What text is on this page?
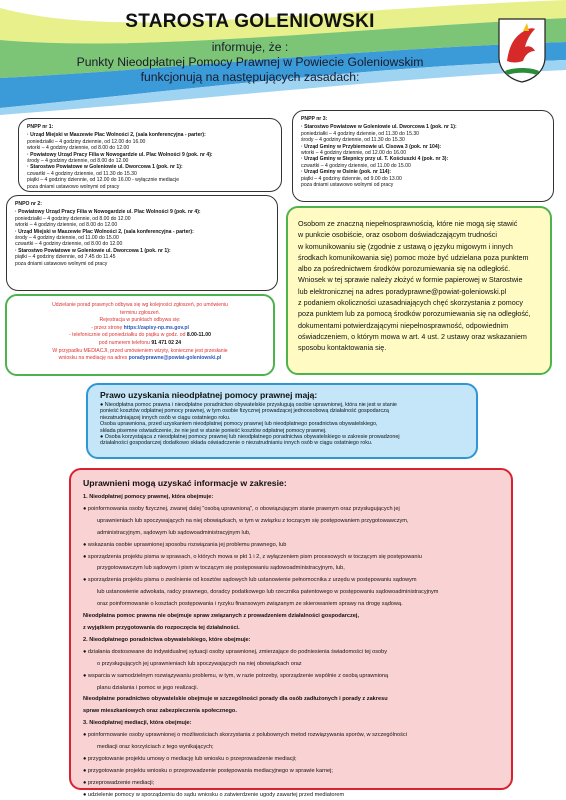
STAROSTA GOLENIOWSKI
informuje, że :
Punkty Nieodpłatnej Pomocy Prawnej w Powiecie Goleniowskim
funkcjonują na następujących zasadach:
PNPP nr 1:
· Urząd Miejski w Maszewie Plac Wolności 2, (sala konferencyjna - parter):
poniedziałki – 4 godziny dziennie, od 12.00 do 16.00
wtorki – 4 godziny dziennie, od 8.00 do 12.00
· Powiatowy Urząd Pracy Filia w Nowogardzie ul. Plac Wolności 9 (pok. nr 4):
środy – 4 godziny dziennie, od 8.00 do 12.00
· Starostwo Powiatowe w Goleniowie ul. Dworcowa 1 (pok. nr 1):
czwartki – 4 godziny dziennie, od 11.30 do 15.30
piątki – 4 godziny dziennie, od 12.00 do 16.00 - wyłącznie mediacje
poza dniami ustawowo wolnymi od pracy
PNPO nr 2:
· Powiatowy Urząd Pracy Filia w Nowogardzie ul. Plac Wolności 9 (pok. nr 4):
poniedziałki – 4 godziny dziennie, od 8.00 do 12.00
wtorki – 4 godziny dziennie, od 8.00 do 12.00
· Urząd Miejski w Maszewie Plac Wolności 2, (sala konferencyjna - parter):
środy – 4 godziny dziennie, od 11.00 do 15.00
czwartki – 4 godziny dziennie, od 8.00 do 12.00
· Starostwo Powiatowe w Goleniowie ul. Dworcowa 1 (pok. nr 1):
piątki – 4 godziny dziennie, od 7.45 do 11.45
poza dniami ustawowo wolnymi od pracy
PNPP nr 3:
· Starostwo Powiatowe w Goleniowie ul. Dworcowa 1 (pok. nr 1):
poniedziałki – 4 godziny dziennie, od 11.30 do 15.30
środy – 4 godziny dziennie, od 11.30 do 15.30
· Urząd Gminy w Przybiernowie ul. Cisowa 3 (pok. nr 104):
wtorki – 4 godziny dziennie, od 12.00 do 16.00
· Urząd Gminy w Stepnicy przy ul. T. Kościuszki 4 (pok. nr 3):
czwartki – 4 godziny dziennie, od 11.00 do 15.00
· Urząd Gminy w Osinie (pok. nr 114):
piątki – 4 godziny dziennie, od 9.00 do 13.00
poza dniami ustawowo wolnymi od pracy
Udzielanie porad prawnych odbywa się wg kolejności zgłoszeń, po umówieniu
terminu zgłoszeń.
Rejestracja w punktach odbywa się:
- przez stronę https://zapisy-np.ms.gov.pl
- telefonicznie od poniedziałku do piątku w godz. od 8.00-11.00
pod numerem telefonu 91 471 02 24
W przypadku MEDIACJI, przed umówieniem wizyty, konieczne jest przesłanie
wniosku na mediację na adres poradyprawne@powiat-goleniowski.pl
Osobom ze znaczną niepełnosprawnością, które nie mogą się stawić
w punkcie osobiście, oraz osobom doświadczającym trudności
w komunikowaniu się (zgodnie z ustawą o języku migowym i innych
środkach komunikowania się) pomoc może być udzielana poza punktem
albo za pośrednictwem środków porozumiewania się na odległość.
Wniosek w tej sprawie należy złożyć w formie papierowej w Starostwie
lub elektronicznej na adres poradyprawne@powiat-goleniowski.pl
z podaniem okoliczności uzasadniających chęć skorzystania z pomocy
poza punktem lub za pomocą środków porozumiewania się na odległość,
dokumentami potwierdzającymi niepełnosprawność, odpowiednim
oświadczeniem, o którym mowa w art. 4 ust. 2 ustawy oraz wskazaniem
sposobu kontaktowania się.
Prawo uzyskania nieodpłatnej pomocy prawnej mają:
● Nieodpłatna pomoc prawna i nieodpłatne poradnictwo obywatelskie przysługują osobie uprawnionej, która nie jest w stanie
ponieść kosztów odpłatnej pomocy prawnej, w tym osobie fizycznej prowadzącej jednoosobową działalność gospodarczą
niezatrudniającej innych osób w ciągu ostatniego roku.
Osoba uprawniona, przed uzyskaniem nieodpłatnej pomocy prawnej lub nieodpłatnego poradnictwa obywatelskiego,
składa pisemne oświadczenie, że nie jest w stanie ponieść kosztów odpłatnej pomocy prawnej.
● Osoba korzystająca z nieodpłatnej pomocy prawnej lub nieodpłatnego poradnictwa obywatelskiego w zakresie prowadzonej
działalności gospodarczej dodatkowo składa oświadczenie o niezatrudnianiu innych osób w ciągu ostatniego roku.
Uprawnieni mogą uzyskać informacje w zakresie:
1. Nieodpłatnej pomocy prawnej, która obejmuje:
● poinformowania osoby fizycznej, zwanej dalej "osobą uprawnioną", o obowiązującym stanie prawnym oraz przysługujących jej
uprawnieniach lub spoczywających na niej obowiązkach, w tym w związku z toczącym się postępowaniem przygotowawczym,
administracyjnym, sądowym lub sądowoadministracyjnym lub,
● wskazania osobie uprawnionej sposobu rozwiązania jej problemu prawnego, lub
● sporządzenia projektu pisma w sprawach, o których mowa w pkt 1 i 2, z wyłączeniem pism procesowych w toczącym się postępowaniu
przygotowawczym lub sądowym i pism w toczącym się postępowaniu sądowoadministracyjnym, lub,
● sporządzenia projektu pisma o zwolnienie od kosztów sądowych lub ustanowienie pełnomocnika z urzędu w postępowaniu sądowym
lub ustanowienie adwokata, radcy prawnego, doradcy podatkowego lub rzecznika patentowego w postępowaniu sądowoadministracyjnym
oraz poinformowanie o kosztach postępowania i ryzyku finansowym związanym ze skierowaniem sprawy na drogę sądową.
Nieodpłatna pomoc prawna nie obejmuje spraw związanych z prowadzeniem działalności gospodarczej,
z wyjątkiem przygotowania do rozpoczęcia tej działalności.
2. Nieodpłatnego poradnictwa obywatelskiego, które obejmuje:
● działania dostosowane do indywidualnej sytuacji osoby uprawnionej, zmierzające do podniesienia świadomości tej osoby
o przysługujących jej uprawnieniach lub spoczywających na niej obowiązkach oraz
● wsparcia w samodzielnym rozwiązywaniu problemu, w tym, w razie potrzeby, sporządzenie wspólnie z osobą uprawnioną
planu działania i pomoc w jego realizacji.
Nieodpłatne poradnictwo obywatelskie obejmuje w szczególności porady dla osób zadłużonych i porady z zakresu
spraw mieszkaniowych oraz zabezpieczenia społecznego.
3. Nieodpłatnej mediacji, która obejmuje:
● poinformowanie osoby uprawnionej o możliwościach skorzystania z polubownych metod rozwiązywania sporów, w szczególności
mediacji oraz korzyściach z tego wynikających;
● przygotowanie projektu umowy o mediację lub wniosku o przeprowadzenie mediacji;
● przygotowanie projektu wniosku o przeprowadzenie postępowania mediacyjnego w sprawie karnej;
● przeprowadzenie mediacji;
● udzielenie pomocy w sporządzeniu do sądu wniosku o zatwierdzenie ugody zawartej przed mediatorem
